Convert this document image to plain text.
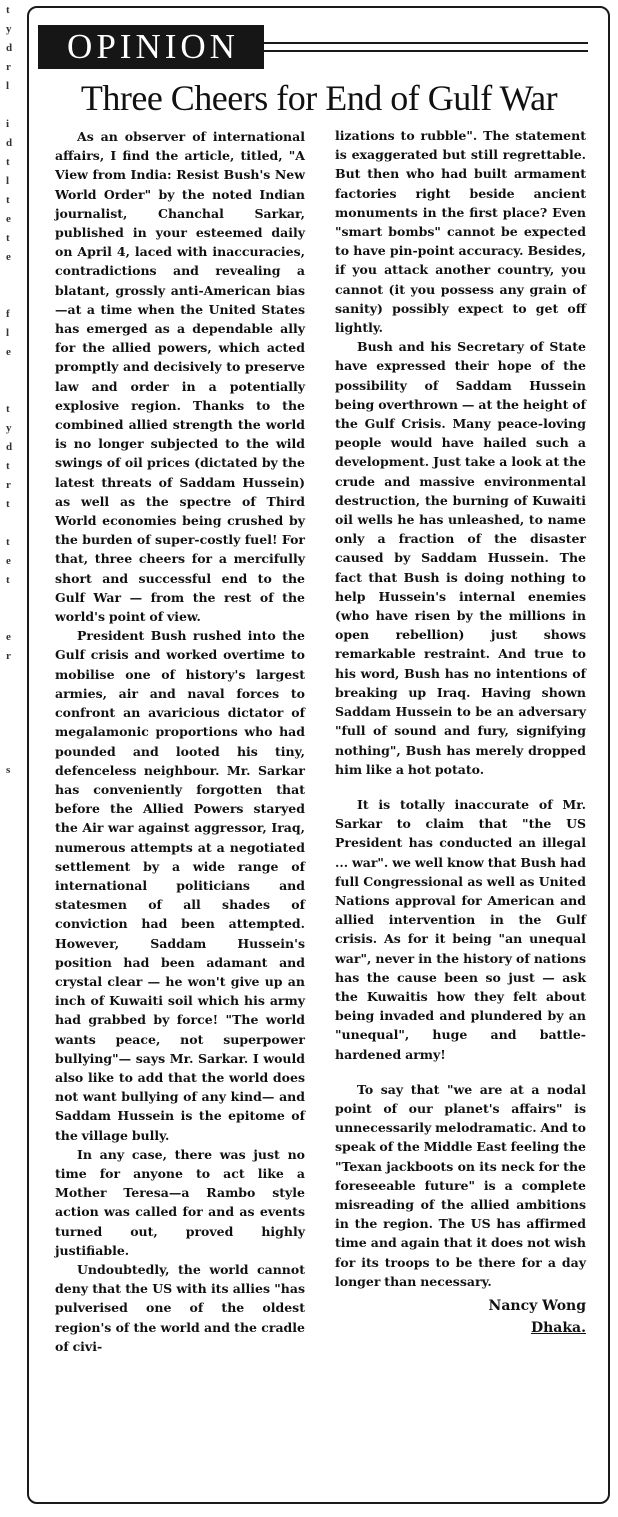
t
y
d
r
l
i
d
t
l
t
e
t
e
f
l
e
t
y
d
t
r
t
t
e
t
e
r
s
OPINION
Three Cheers for End of Gulf War

As an observer of international affairs, I find the article, titled, "A View from India: Resist Bush's New World Order" by the noted Indian journalist, Chanchal Sarkar, published in your esteemed daily on April 4, laced with inaccuracies, contradictions and revealing a blatant, grossly anti-American bias—at a time when the United States has emerged as a dependable ally for the allied powers, which acted promptly and decisively to preserve law and order in a potentially explosive region. Thanks to the combined allied strength the world is no longer subjected to the wild swings of oil prices (dictated by the latest threats of Saddam Hussein) as well as the spectre of Third World economies being crushed by the burden of super-costly fuel! For that, three cheers for a mercifully short and successful end to the Gulf War — from the rest of the world's point of view.

President Bush rushed into the Gulf crisis and worked overtime to mobilise one of history's largest armies, air and naval forces to confront an avaricious dictator of megalamonic proportions who had pounded and looted his tiny, defenceless neighbour. Mr. Sarkar has conveniently forgotten that before the Allied Powers staryed the Air war against aggressor, Iraq, numerous attempts at a negotiated settlement by a wide range of international politicians and statesmen of all shades of conviction had been attempted. However, Saddam Hussein's position had been adamant and crystal clear — he won't give up an inch of Kuwaiti soil which his army had grabbed by force! "The world wants peace, not superpower bullying"— says Mr. Sarkar. I would also like to add that the world does not want bullying of any kind— and Saddam Hussein is the epitome of the village bully.

In any case, there was just no time for anyone to act like a Mother Teresa—a Rambo style action was called for and as events turned out, proved highly justifiable.

Undoubtedly, the world cannot deny that the US with its allies "has pulverised one of the oldest region's of the world and the cradle of civi-

lizations to rubble". The statement is exaggerated but still regrettable. But then who had built armament factories right beside ancient monuments in the first place? Even "smart bombs" cannot be expected to have pin-point accuracy. Besides, if you attack another country, you cannot (it you possess any grain of sanity) possibly expect to get off lightly.

Bush and his Secretary of State have expressed their hope of the possibility of Saddam Hussein being overthrown — at the height of the Gulf Crisis. Many peace-loving people would have hailed such a development. Just take a look at the crude and massive environmental destruction, the burning of Kuwaiti oil wells he has unleashed, to name only a fraction of the disaster caused by Saddam Hussein. The fact that Bush is doing nothing to help Hussein's internal enemies (who have risen by the millions in open rebellion) just shows remarkable restraint. And true to his word, Bush has no intentions of breaking up Iraq. Having shown Saddam Hussein to be an adversary "full of sound and fury, signifying nothing", Bush has merely dropped him like a hot potato.

It is totally inaccurate of Mr. Sarkar to claim that "the US President has conducted an illegal ... war". we well know that Bush had full Congressional as well as United Nations approval for American and allied intervention in the Gulf crisis. As for it being "an unequal war", never in the history of nations has the cause been so just — ask the Kuwaitis how they felt about being invaded and plundered by an "unequal", huge and battle-hardened army!

To say that "we are at a nodal point of our planet's affairs" is unnecessarily melodramatic. And to speak of the Middle East feeling the "Texan jackboots on its neck for the foreseeable future" is a complete misreading of the allied ambitions in the region. The US has affirmed time and again that it does not wish for its troops to be there for a day longer than necessary.

Nancy Wong
Dhaka.
